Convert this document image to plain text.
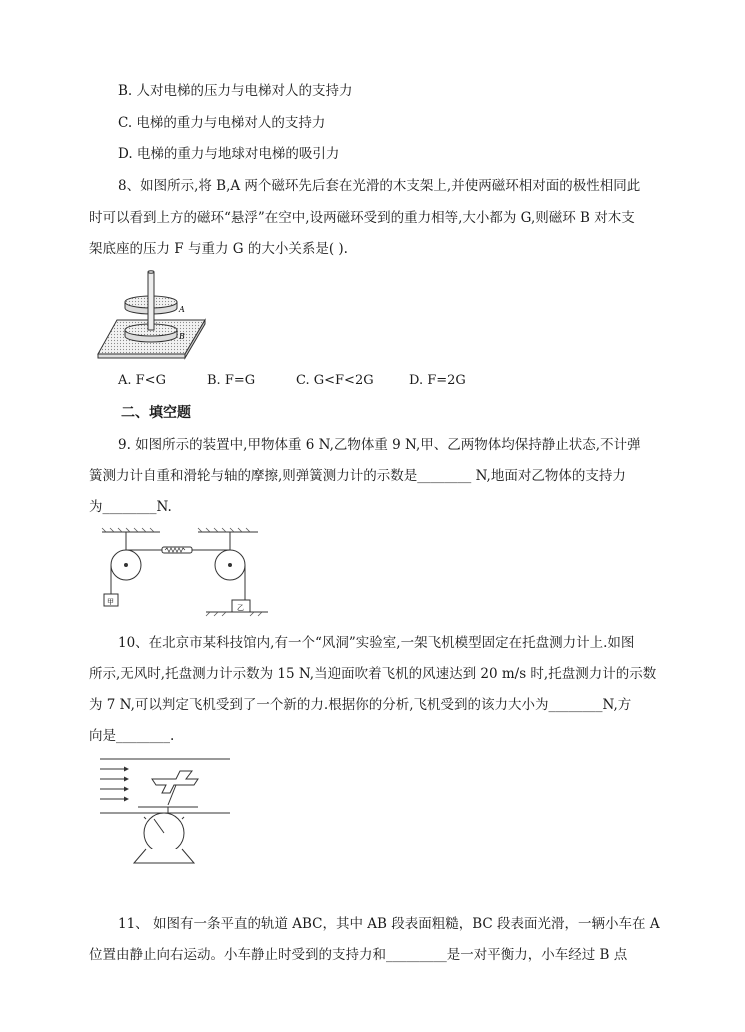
B. 人对电梯的压力与电梯对人的支持力
C. 电梯的重力与电梯对人的支持力
D. 电梯的重力与地球对电梯的吸引力
8、如图所示,将 B,A 两个磁环先后套在光滑的木支架上,并使两磁环相对面的极性相同此
时可以看到上方的磁环“悬浮”在空中,设两磁环受到的重力相等,大小都为 G,则磁环 B 对木支
架底座的压力 F 与重力 G 的大小关系是( ).
A
B
A. F<G	B. F=G	C. G<F<2G	D. F=2G
二、填空题
9. 如图所示的装置中,甲物体重 6 N,乙物体重 9 N,甲、乙两物体均保持静止状态,不计弹
簧测力计自重和滑轮与轴的摩擦,则弹簧测力计的示数是________ N,地面对乙物体的支持力
为________N.
甲
乙
10、在北京市某科技馆内,有一个“风洞”实验室,一架飞机模型固定在托盘测力计上.如图
所示,无风时,托盘测力计示数为 15 N,当迎面吹着飞机的风速达到 20 m/s 时,托盘测力计的示数
为 7 N,可以判定飞机受到了一个新的力.根据你的分析,飞机受到的该力大小为________N,方
向是________.
11、 如图有一条平直的轨道 ABC，其中 AB 段表面粗糙，BC 段表面光滑，一辆小车在 A
位置由静止向右运动。小车静止时受到的支持力和_________是一对平衡力，小车经过 B 点
